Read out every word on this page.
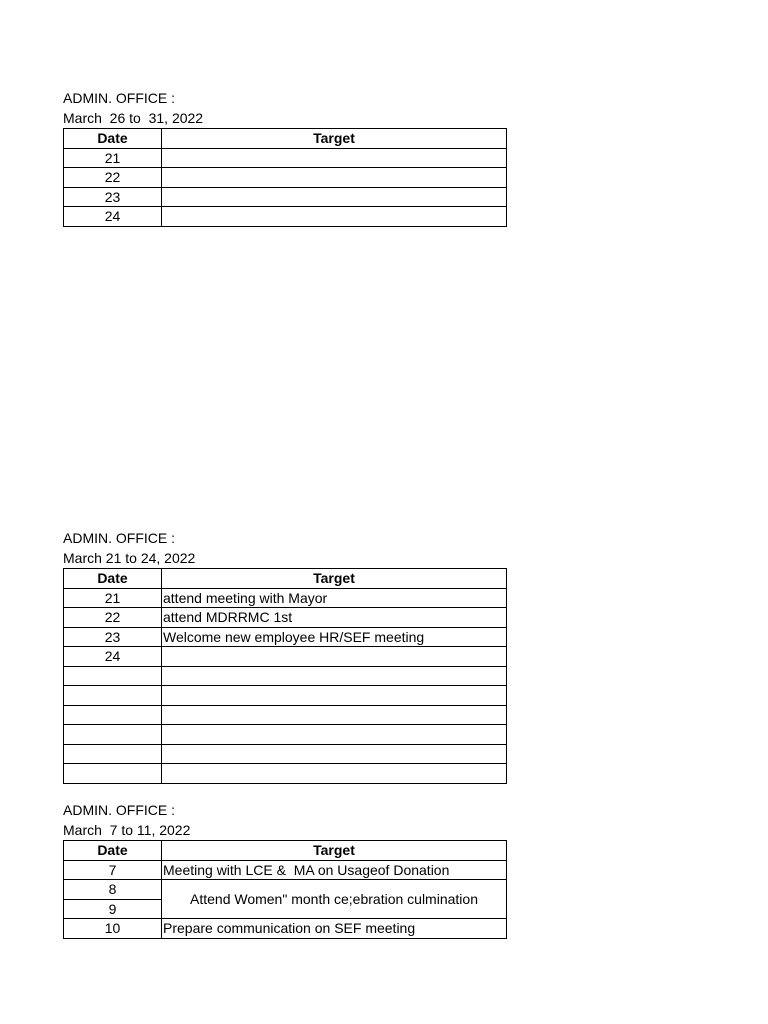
ADMIN. OFFICE :
March  26 to  31, 2022
Date	Target
21	
22	
23	
24	
ADMIN. OFFICE :
March 21 to 24, 2022
Date	Target
21	attend meeting with Mayor
22	attend MDRRMC 1st
23	Welcome new employee HR/SEF meeting
24	

ADMIN. OFFICE :
March  7 to 11, 2022
Date	Target
7	Meeting with LCE &  MA on Usageof Donation
8	Attend Women" month ce;ebration culmination
9	
10	Prepare communication on SEF meeting
